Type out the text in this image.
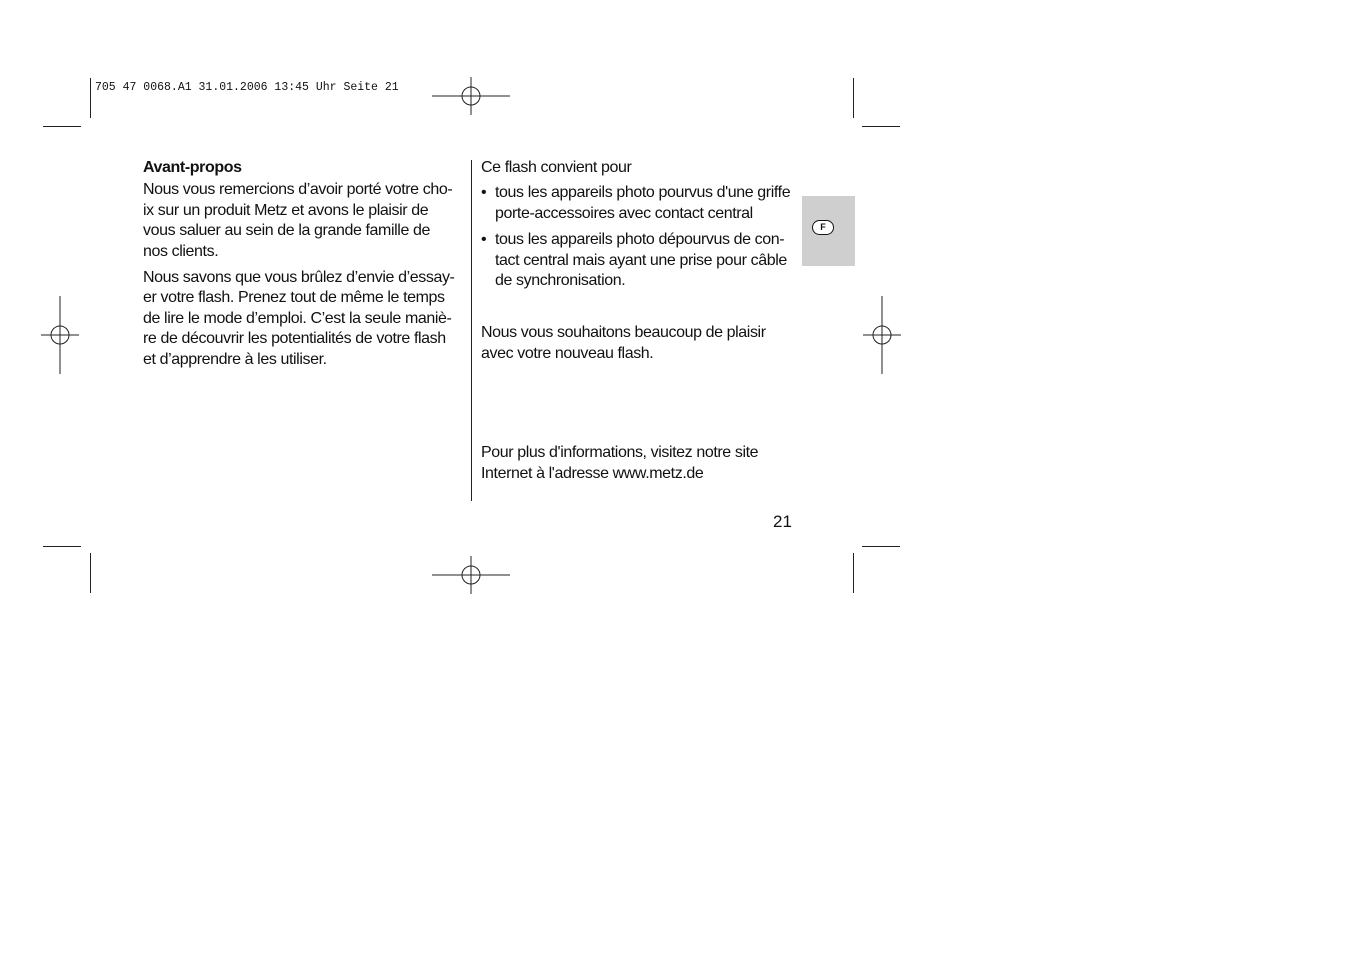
705 47 0068.A1 31.01.2006 13:45 Uhr Seite 21
Avant-propos

Nous vous remercions d’avoir porté votre cho-
ix sur un produit Metz et avons le plaisir de
vous saluer au sein de la grande famille de
nos clients.

Nous savons que vous brûlez d’envie d’essay-
er votre flash. Prenez tout de même le temps
de lire le mode d’emploi. C’est la seule maniè-
re de découvrir les potentialités de votre flash
et d’apprendre à les utiliser.

Ce flash convient pour

• tous les appareils photo pourvus d'une griffe
porte-accessoires avec contact central
• tous les appareils photo dépourvus de con-
tact central mais ayant une prise pour câble
de synchronisation.

Nous vous souhaitons beaucoup de plaisir
avec votre nouveau flash.

Pour plus d'informations, visitez notre site
Internet à l'adresse www.metz.de

F
21
